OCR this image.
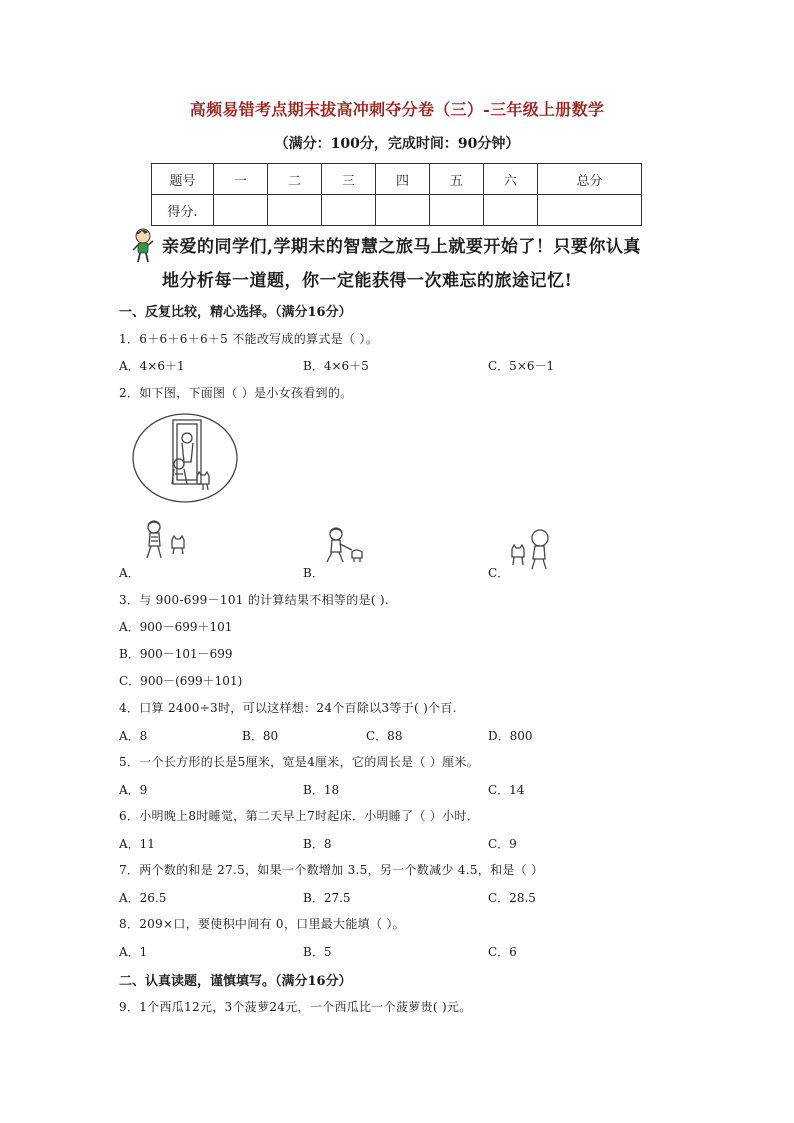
高频易错考点期末拔高冲刺夺分卷（三）-三年级上册数学
（满分：100分，完成时间：90分钟）
题号	一	二	三	四	五	六	总分
得分.							
亲爱的同学们,学期末的智慧之旅马上就要开始了！只要你认真
地分析每一道题，你一定能获得一次难忘的旅途记忆!
一、反复比较，精心选择。（满分16分）
1．6＋6＋6＋6＋5 不能改写成的算式是（ ）。
A．4×6＋1	B．4×6＋5	C．5×6－1
2．如下图，下面图（ ）是小女孩看到的。
A．	B．	C．
3．与 900-699－101 的计算结果不相等的是( ).
A．900－699＋101
B．900－101－699
C．900－(699＋101)
4．口算 2400÷3时，可以这样想：24个百除以3等于( )个百.
A．8	B．80	C．88	D．800
5．一个长方形的长是5厘米，宽是4厘米，它的周长是（ ）厘米。
A．9	B．18	C．14
6．小明晚上8时睡觉，第二天早上7时起床．小明睡了（ ）小时．
A．11	B．8	C．9
7．两个数的和是 27.5，如果一个数增加 3.5，另一个数减少 4.5，和是（ ）
A．26.5	B．27.5	C．28.5
8．209×口，要使积中间有 0，口里最大能填（ ）。
A．1	B．5	C．6
二、认真读题，谨慎填写。（满分16分）
9．1个西瓜12元，3个菠萝24元，一个西瓜比一个菠萝贵( )元。
